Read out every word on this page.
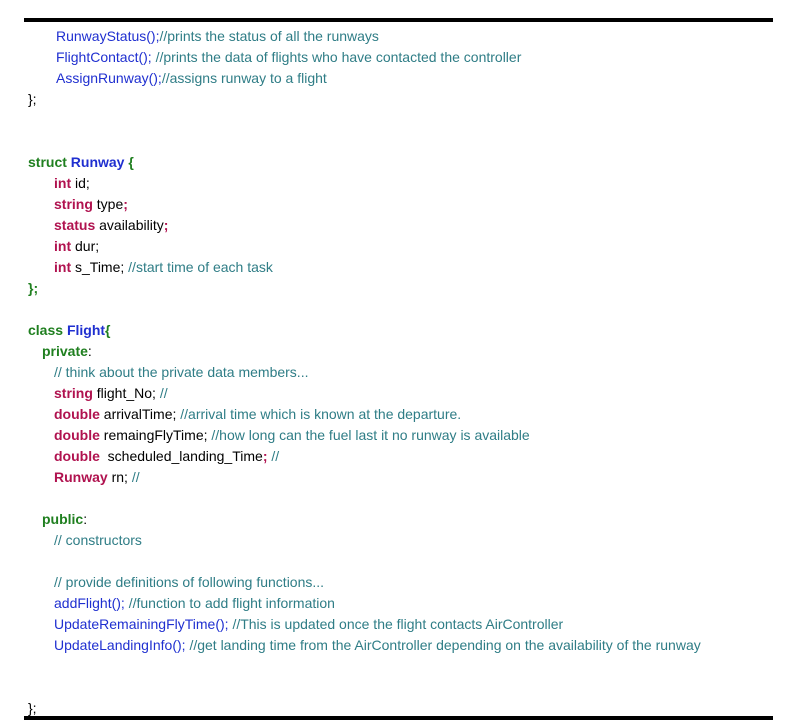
RunwayStatus();//prints the status of all the runways
FlightContact(); //prints the data of flights who have contacted the controller
AssignRunway();//assigns runway to a flight
};
struct Runway {
int id;
string type;
status availability;
int dur;
int s_Time; //start time of each task
};
class Flight{
private:
// think about the private data members...
string flight_No; //
double arrivalTime; //arrival time which is known at the departure.
double remaingFlyTime; //how long can the fuel last it no runway is available
double  scheduled_landing_Time; //
Runway rn; //
public:
// constructors
// provide definitions of following functions...
addFlight(); //function to add flight information
UpdateRemainingFlyTime(); //This is updated once the flight contacts AirController
UpdateLandingInfo(); //get landing time from the AirController depending on the availability of the runway
};
